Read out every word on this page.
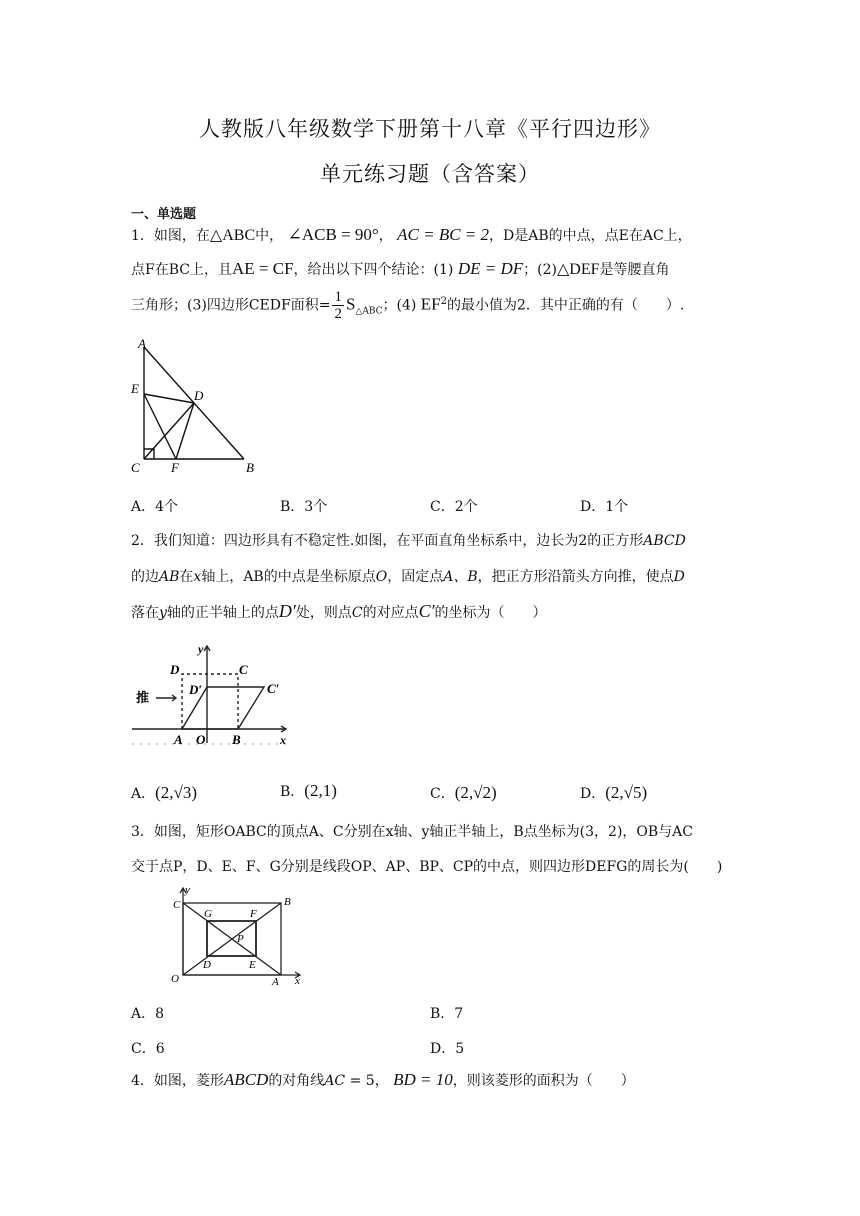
人教版八年级数学下册第十八章《平行四边形》
单元练习题（含答案）
一、单选题
1．如图，在△ABC中， ∠ACB = 90°， AC = BC = 2，D是AB的中点，点E在AC上，
点F在BC上，且AE = CF，给出以下四个结论：(1) DE = DF；(2)△DEF是等腰直角
三角形；(3)四边形CEDF面积= $\frac{1}{2} S_{\triangle ABC}$；(4) $EF^2$的最小值为2．其中正确的有（　　）.
A
E	D
C F	B
A．4个	B．3个	C．2个	D．1个
2．我们知道：四边形具有不稳定性.如图，在平面直角坐标系中，边长为2的正方形ABCD
的边AB在x轴上，AB的中点是坐标原点O，固定点A、B，把正方形沿箭头方向推，使点D
落在y轴的正半轴上的点D′处，则点C的对应点C′的坐标为（　　）
y
x
D	C
D′	C′
推
A O B
A．(2,√3)	B．(2,1)	C．(2,√2)	D．(2,√5)
3．如图，矩形OABC的顶点A、C分别在x轴、y轴正半轴上，B点坐标为(3，2)，OB与AC
交于点P，D、E、F、G分别是线段OP、AP、BP、CP的中点，则四边形DEFG的周长为(　　)
y
C	B
G	F
P
D	E
O	A x
A．8	B．7
C．6	D．5
4．如图，菱形ABCD的对角线AC = 5， BD = 10，则该菱形的面积为（　　）
